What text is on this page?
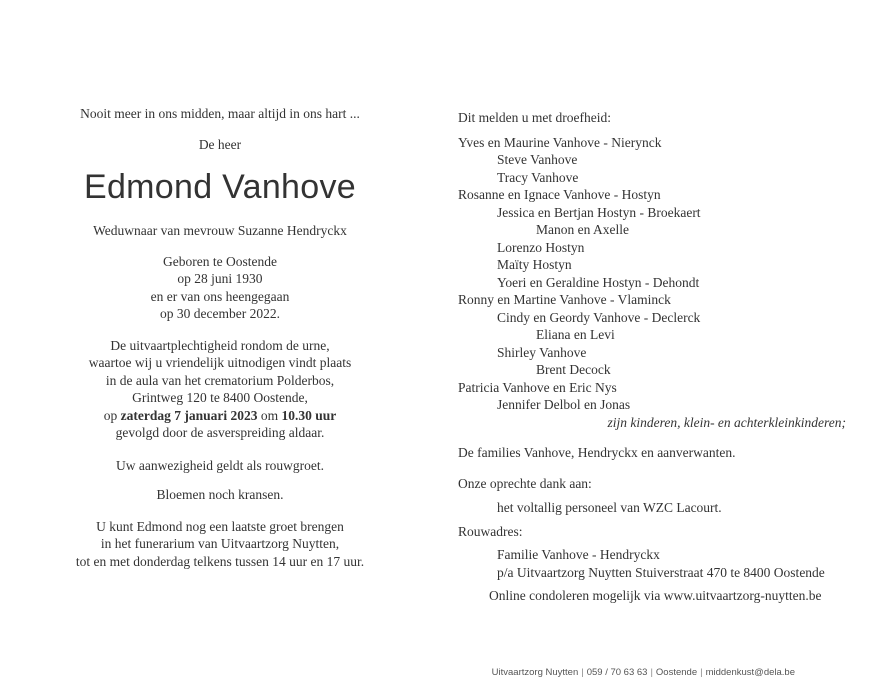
Nooit meer in ons midden, maar altijd in ons hart ...
De heer
Edmond Vanhove
Weduwnaar van mevrouw Suzanne Hendryckx
Geboren te Oostende
op 28 juni 1930
en er van ons heengegaan
op 30 december 2022.
De uitvaartplechtigheid rondom de urne,
waartoe wij u vriendelijk uitnodigen vindt plaats
in de aula van het crematorium Polderbos,
Grintweg 120 te 8400 Oostende,
op zaterdag 7 januari 2023 om 10.30 uur
gevolgd door de asverspreiding aldaar.
Uw aanwezigheid geldt als rouwgroet.
Bloemen noch kransen.
U kunt Edmond nog een laatste groet brengen
in het funerarium van Uitvaartzorg Nuytten,
tot en met donderdag telkens tussen 14 uur en 17 uur.
Dit melden u met droefheid:
Yves en Maurine Vanhove - Nierynck
Steve Vanhove
Tracy Vanhove
Rosanne en Ignace Vanhove - Hostyn
Jessica en Bertjan Hostyn - Broekaert
Manon en Axelle
Lorenzo Hostyn
Maïty Hostyn
Yoeri en Geraldine Hostyn - Dehondt
Ronny en Martine Vanhove - Vlaminck
Cindy en Geordy Vanhove - Declerck
Eliana en Levi
Shirley Vanhove
Brent Decock
Patricia Vanhove en Eric Nys
Jennifer Delbol en Jonas
zijn kinderen, klein- en achterkleinkinderen;
De families Vanhove, Hendryckx en aanverwanten.
Onze oprechte dank aan:
het voltallig personeel van WZC Lacourt.
Rouwadres:
Familie Vanhove - Hendryckx
p/a Uitvaartzorg Nuytten Stuiverstraat 470 te 8400 Oostende
Online condoleren mogelijk via www.uitvaartzorg-nuytten.be
Uitvaartzorg Nuytten | 059 / 70 63 63 | Oostende | middenkust@dela.be
